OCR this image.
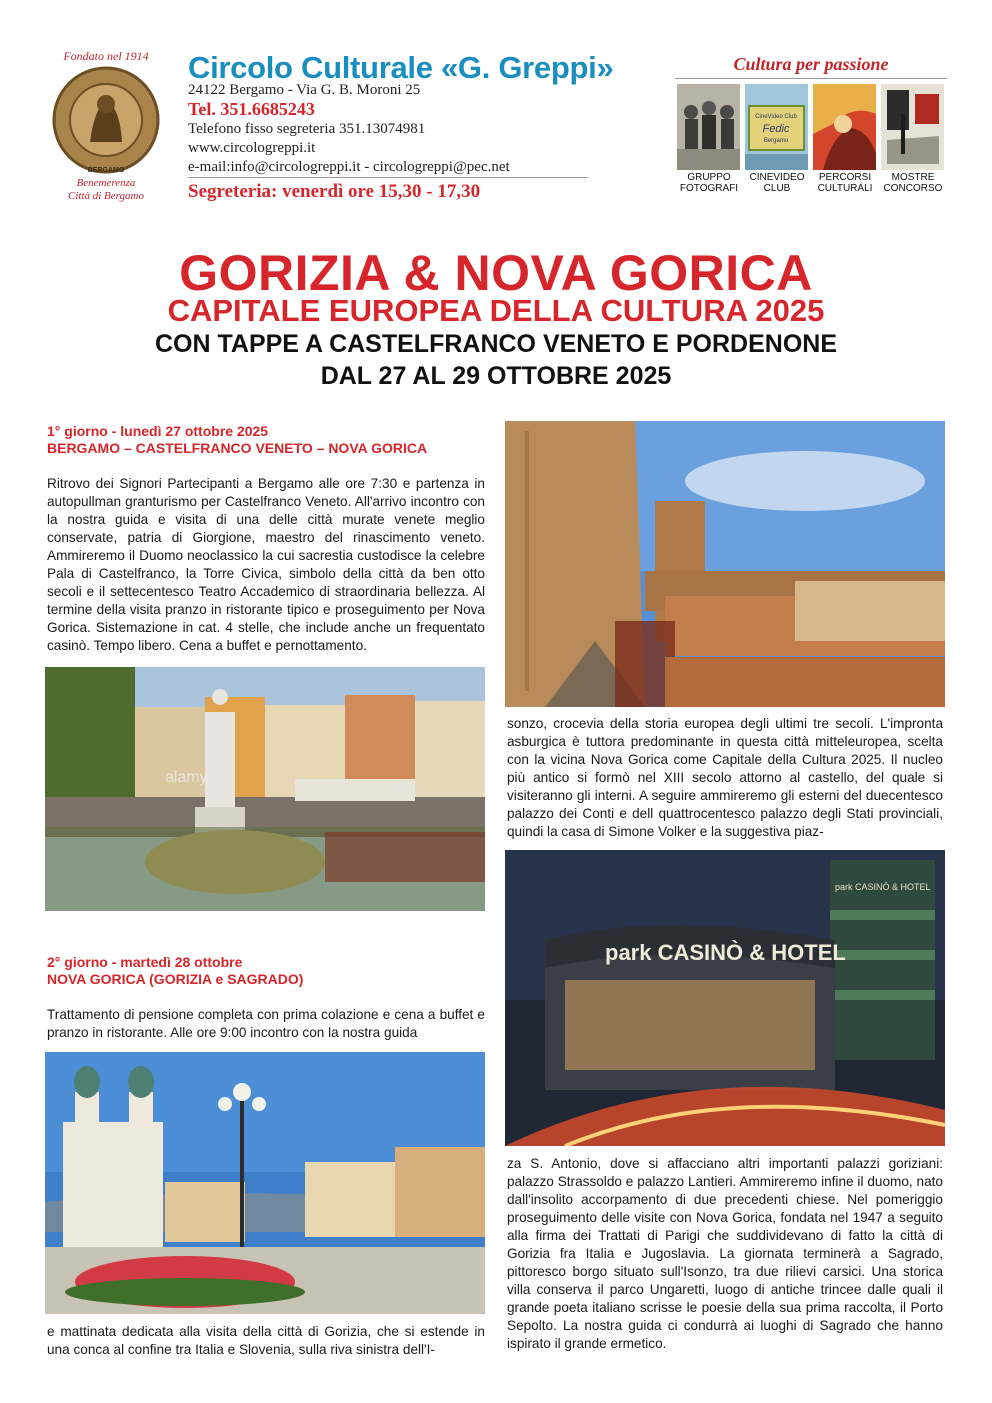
Fondato nel 1914
BERGAMO
Benemerenza
Città di Bergamo
Circolo Culturale «G. Greppi»
24122 Bergamo - Via G. B. Moroni 25
Tel. 351.6685243
Telefono fisso segreteria 351.13074981
www.circologreppi.it
e-mail:info@circologreppi.it - circologreppi@pec.net
Segreteria: venerdì ore 15,30 - 17,30
Cultura per passione
CineVideo Club
Fedic
Bergamo
GRUPPO
FOTOGRAFI
CINEVIDEO
CLUB
PERCORSI
CULTURALI
MOSTRE
CONCORSO
GORIZIA & NOVA GORICA
CAPITALE EUROPEA DELLA CULTURA 2025
CON TAPPE A CASTELFRANCO VENETO E PORDENONE
DAL 27 AL 29 OTTOBRE 2025
1° giorno - lunedì 27 ottobre 2025
BERGAMO – CASTELFRANCO VENETO – NOVA GORICA
Ritrovo dei Signori Partecipanti a Bergamo alle ore 7:30 e partenza in autopullman granturismo per Castelfranco Veneto. All'arrivo incontro con la nostra guida e visita di una delle città murate venete meglio conservate, patria di Giorgione, maestro del rinascimento veneto. Ammireremo il Duomo neoclassico la cui sacrestia custodisce la celebre Pala di Castelfranco, la Torre Civica, simbolo della città da ben otto secoli e il settecentesco Teatro Accademico di straordinaria bellezza. Al termine della visita pranzo in ristorante tipico e proseguimento per Nova Gorica. Sistemazione in cat. 4 stelle, che include anche un frequentato casinò. Tempo libero. Cena a buffet e pernottamento.
alamy
2° giorno - martedì 28 ottobre
NOVA GORICA (GORIZIA e SAGRADO)
Trattamento di pensione completa con prima colazione e cena a buffet e pranzo in ristorante. Alle ore 9:00 incontro con la nostra guida
e mattinata dedicata alla visita della città di Gorizia, che si estende in una conca al confine tra Italia e Slovenia, sulla riva sinistra dell'I-
sonzo, crocevia della storia europea degli ultimi tre secoli. L'impronta asburgica è tuttora predominante in questa città mitteleuropea, scelta con la vicina Nova Gorica come Capitale della Cultura 2025. Il nucleo più antico si formò nel XIII secolo attorno al castello, del quale si visiteranno gli interni. A seguire ammireremo gli esterni del duecentesco palazzo dei Conti e dell quattrocentesco palazzo degli Stati provinciali, quindi la casa di Simone Volker e la suggestiva piaz-
park CASINÒ & HOTEL
park CASINÒ & HOTEL
za S. Antonio, dove si affacciano altri importanti palazzi goriziani: palazzo Strassoldo e palazzo Lantieri. Ammireremo infine il duomo, nato dall'insolito accorpamento di due precedenti chiese. Nel pomeriggio proseguimento delle visite con Nova Gorica, fondata nel 1947 a seguito alla firma dei Trattati di Parigi che suddividevano di fatto la città di Gorizia fra Italia e Jugoslavia. La giornata terminerà a Sagrado, pittoresco borgo situato sull'Isonzo, tra due rilievi carsici. Una storica villa conserva il parco Ungaretti, luogo di antiche trincee dalle quali il grande poeta italiano scrisse le poesie della sua prima raccolta, il Porto Sepolto. La nostra guida ci condurrà ai luoghi di Sagrado che hanno ispirato il grande ermetico.
